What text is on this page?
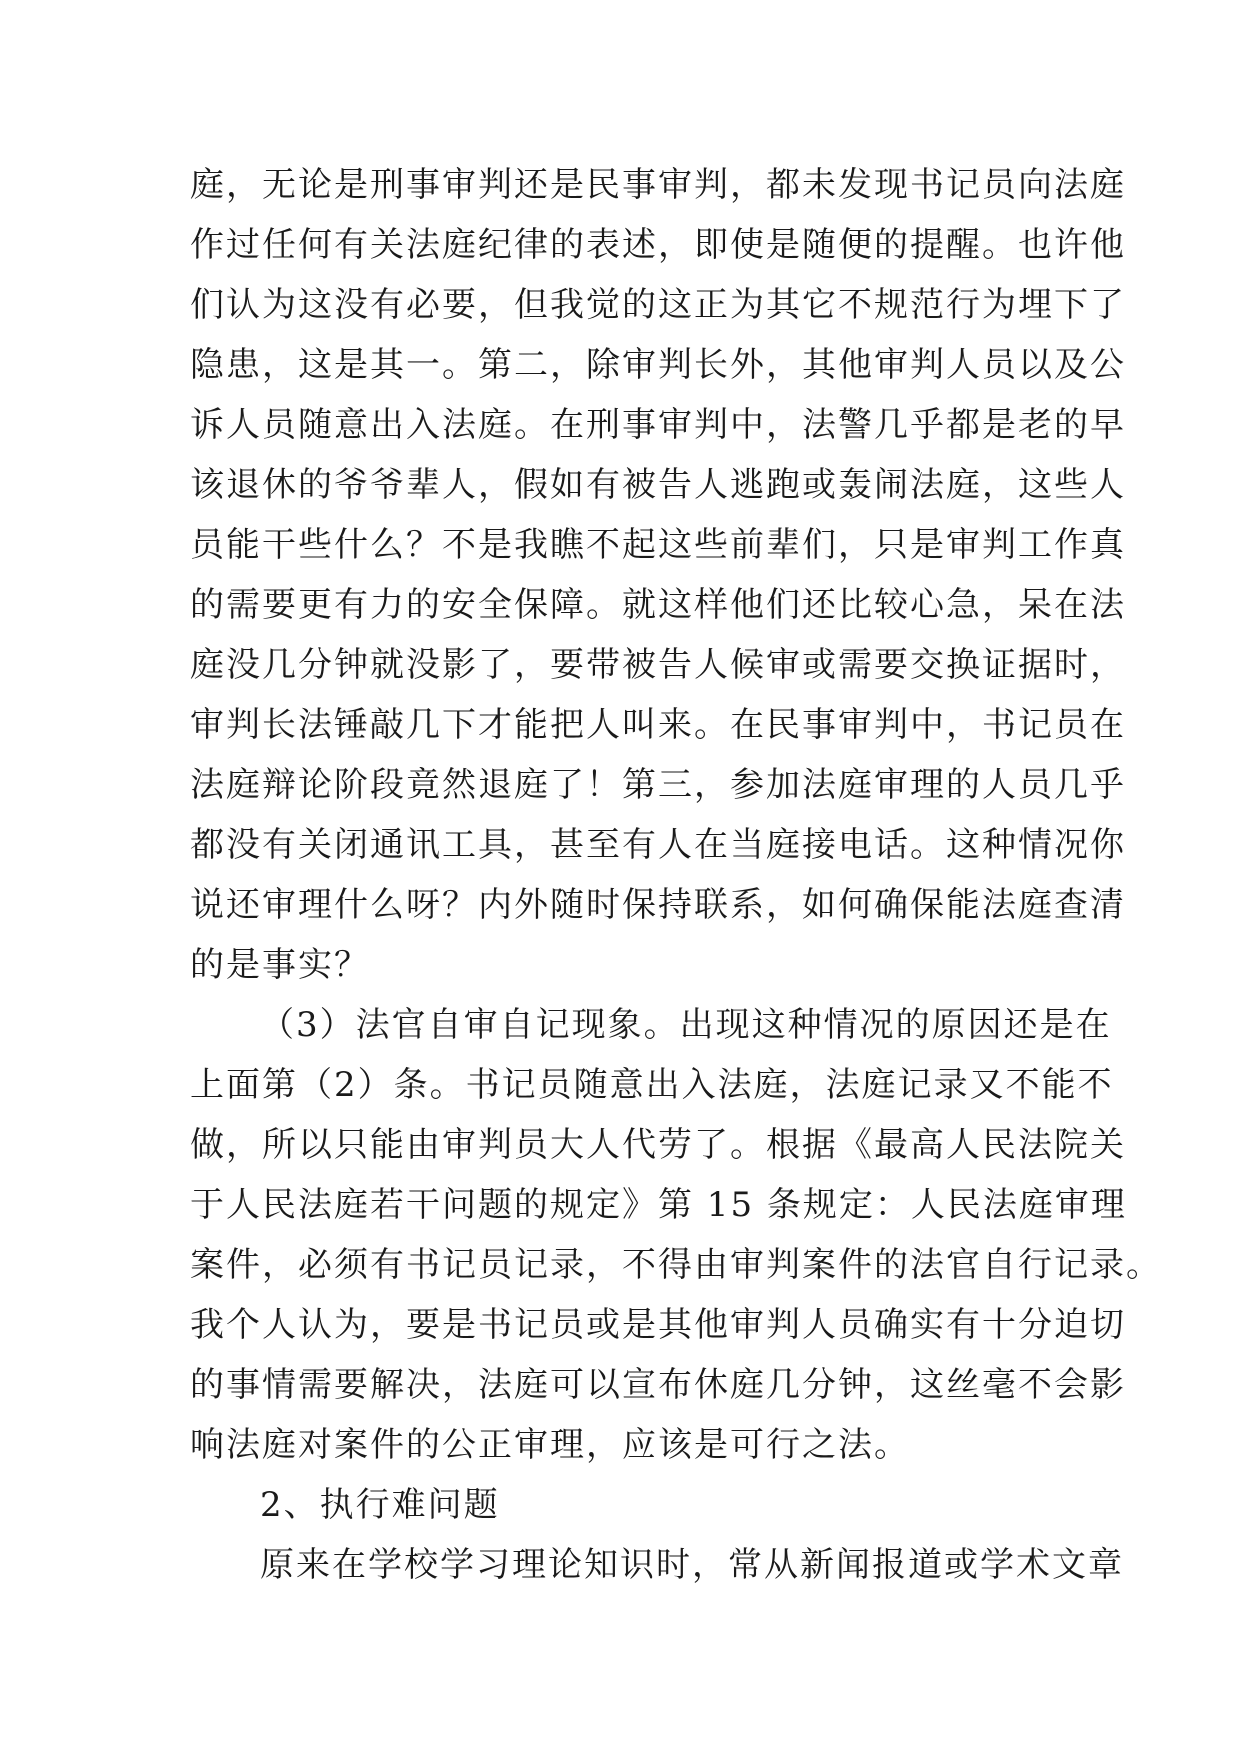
庭，无论是刑事审判还是民事审判，都未发现书记员向法庭
作过任何有关法庭纪律的表述，即使是随便的提醒。也许他
们认为这没有必要，但我觉的这正为其它不规范行为埋下了
隐患，这是其一。第二，除审判长外，其他审判人员以及公
诉人员随意出入法庭。在刑事审判中，法警几乎都是老的早
该退休的爷爷辈人，假如有被告人逃跑或轰闹法庭，这些人
员能干些什么？不是我瞧不起这些前辈们，只是审判工作真
的需要更有力的安全保障。就这样他们还比较心急，呆在法
庭没几分钟就没影了，要带被告人候审或需要交换证据时，
审判长法锤敲几下才能把人叫来。在民事审判中，书记员在
法庭辩论阶段竟然退庭了！第三，参加法庭审理的人员几乎
都没有关闭通讯工具，甚至有人在当庭接电话。这种情况你
说还审理什么呀？内外随时保持联系，如何确保能法庭查清
的是事实？
（3）法官自审自记现象。出现这种情况的原因还是在
上面第（2）条。书记员随意出入法庭，法庭记录又不能不
做，所以只能由审判员大人代劳了。根据《最高人民法院关
于人民法庭若干问题的规定》第 15 条规定：人民法庭审理
案件，必须有书记员记录，不得由审判案件的法官自行记录。
我个人认为，要是书记员或是其他审判人员确实有十分迫切
的事情需要解决，法庭可以宣布休庭几分钟，这丝毫不会影
响法庭对案件的公正审理，应该是可行之法。
2、执行难问题
原来在学校学习理论知识时，常从新闻报道或学术文章
